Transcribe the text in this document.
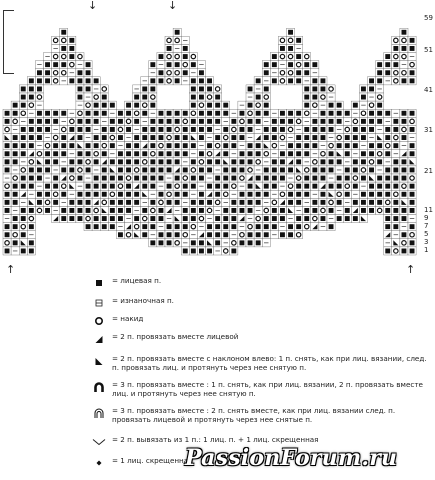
↓	↓
↑	↑
59
51
41
31
21
11
9
7
5
3
1
= лицевая п.
= изнаночная п.
= накид
= 2 п. провязать вместе лицевой
= 2 п. провязать вместе с наклоном влево: 1 п. снять, как при лиц. вязании, след. п. провязать лиц. и протянуть через нее снятую п.
= 3 п. провязать вместе : 1 п. снять, как при лиц. вязании, 2 п. провязать вместе лиц. и протянуть через нее снятую п.
= 3 п. провязать вместе : 2 п. снять вместе, как при лиц. вязании след. п. провязать лицевой и протянуть через нее снятые п.
= 2 п. вывязать из 1 п.: 1 лиц. п. + 1 лиц. скрещенная
= 1 лиц. скрещенная
PassionForum.ru
